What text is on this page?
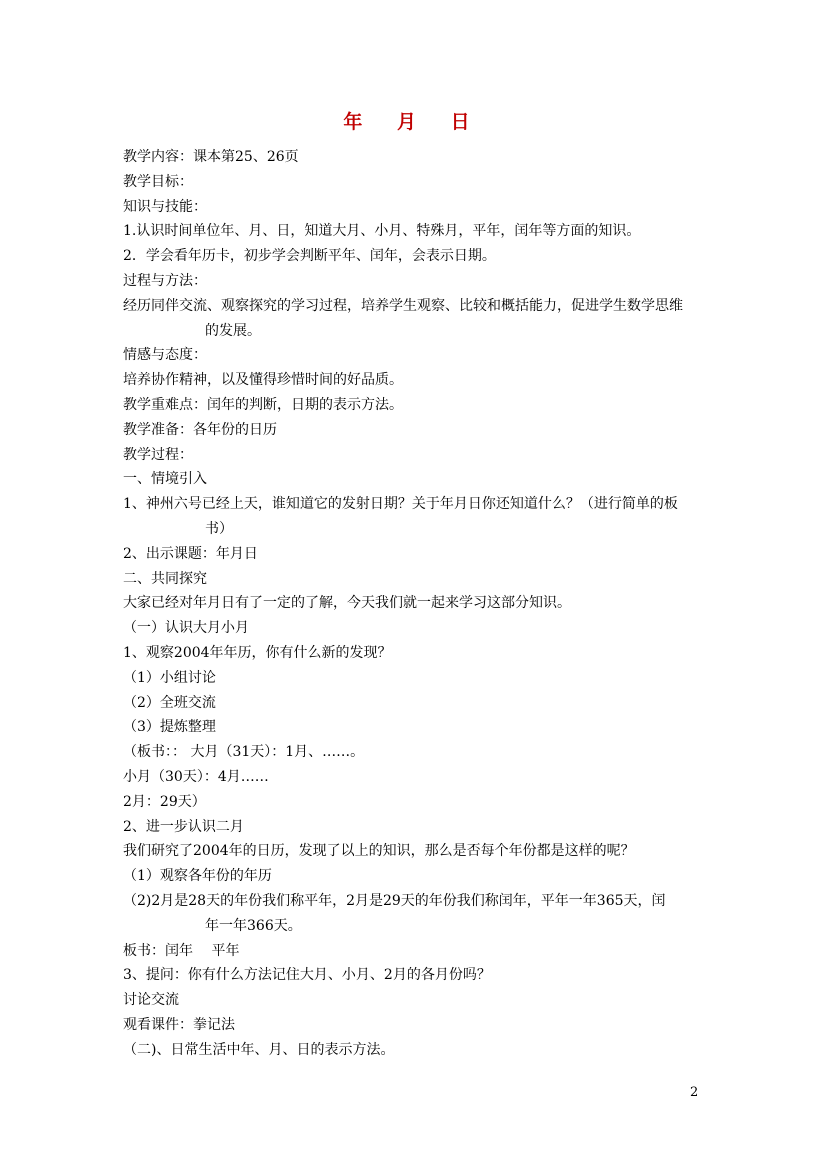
年 月 日
教学内容：课本第25、26页
教学目标：
知识与技能：
1.认识时间单位年、月、日，知道大月、小月、特殊月，平年，闰年等方面的知识。
2．学会看年历卡，初步学会判断平年、闰年，会表示日期。
过程与方法：
经历同伴交流、观察探究的学习过程，培养学生观察、比较和概括能力，促进学生数学思维
的发展。
情感与态度：
培养协作精神，以及懂得珍惜时间的好品质。
教学重难点：闰年的判断，日期的表示方法。
教学准备：各年份的日历
教学过程：
一、情境引入
1、神州六号已经上天，谁知道它的发射日期？关于年月日你还知道什么？（进行简单的板
书）
2、出示课题：年月日
二、共同探究
大家已经对年月日有了一定的了解，今天我们就一起来学习这部分知识。
（一）认识大月小月
1、观察2004年年历，你有什么新的发现？
（1）小组讨论
（2）全班交流
（3）提炼整理
（板书：： 大月（31天）：1月、……。
小月（30天）：4月……
2月：29天）
2、进一步认识二月
我们研究了2004年的日历，发现了以上的知识，那么是否每个年份都是这样的呢？
（1）观察各年份的年历
（2)2月是28天的年份我们称平年，2月是29天的年份我们称闰年，平年一年365天，闰
年一年366天。
板书：闰年　 平年
3、提问：你有什么方法记住大月、小月、2月的各月份吗？
讨论交流
观看课件：拳记法
（二)、日常生活中年、月、日的表示方法。
2
